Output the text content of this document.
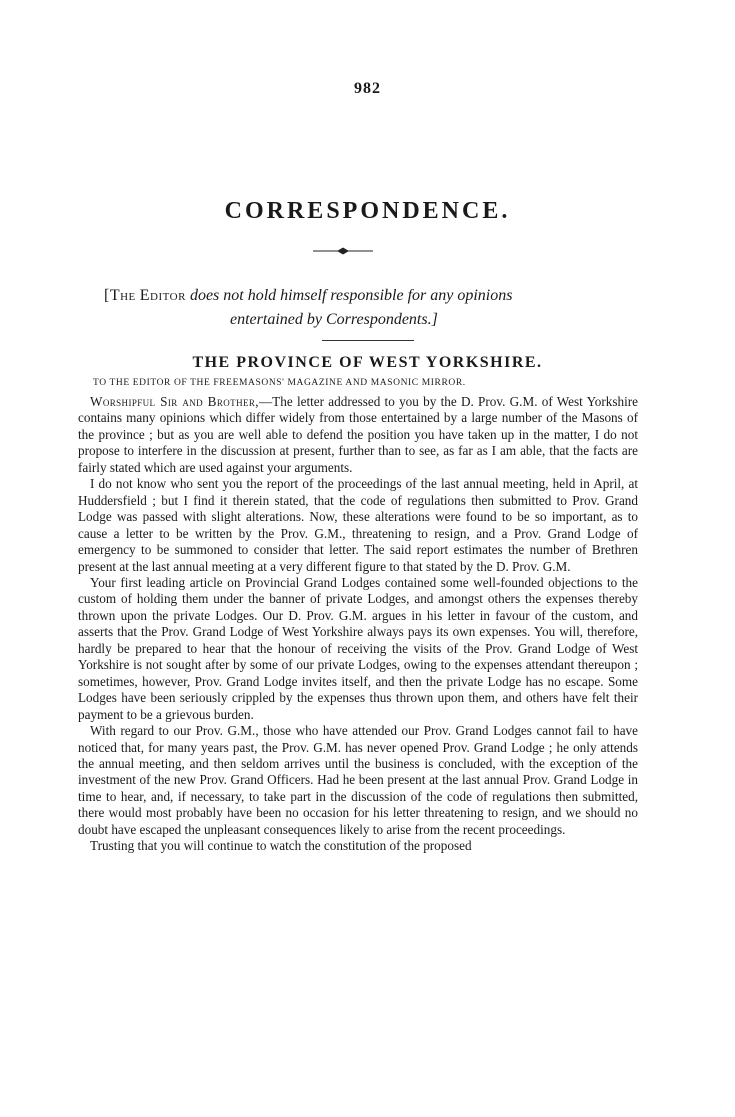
982
CORRESPONDENCE.
[The Editor does not hold himself responsible for any opinions
entertained by Correspondents.]
THE PROVINCE OF WEST YORKSHIRE.
TO THE EDITOR OF THE FREEMASONS' MAGAZINE AND MASONIC MIRROR.

Worshipful Sir and Brother,—The letter addressed to you by the D. Prov. G.M. of West Yorkshire contains many opinions which differ widely from those entertained by a large number of the Masons of the province ; but as you are well able to defend the position you have taken up in the matter, I do not propose to interfere in the discussion at present, further than to see, as far as I am able, that the facts are fairly stated which are used against your arguments.

I do not know who sent you the report of the proceedings of the last annual meeting, held in April, at Huddersfield ; but I find it therein stated, that the code of regulations then submitted to Prov. Grand Lodge was passed with slight alterations. Now, these alterations were found to be so important, as to cause a letter to be written by the Prov. G.M., threatening to resign, and a Prov. Grand Lodge of emergency to be summoned to consider that letter. The said report estimates the number of Brethren present at the last annual meeting at a very different figure to that stated by the D. Prov. G.M.

Your first leading article on Provincial Grand Lodges contained some well-founded objections to the custom of holding them under the banner of private Lodges, and amongst others the expenses thereby thrown upon the private Lodges. Our D. Prov. G.M. argues in his letter in favour of the custom, and asserts that the Prov. Grand Lodge of West Yorkshire always pays its own expenses. You will, therefore, hardly be prepared to hear that the honour of receiving the visits of the Prov. Grand Lodge of West Yorkshire is not sought after by some of our private Lodges, owing to the expenses attendant thereupon ; sometimes, however, Prov. Grand Lodge invites itself, and then the private Lodge has no escape. Some Lodges have been seriously crippled by the expenses thus thrown upon them, and others have felt their payment to be a grievous burden.

With regard to our Prov. G.M., those who have attended our Prov. Grand Lodges cannot fail to have noticed that, for many years past, the Prov. G.M. has never opened Prov. Grand Lodge ; he only attends the annual meeting, and then seldom arrives until the business is concluded, with the exception of the investment of the new Prov. Grand Officers. Had he been present at the last annual Prov. Grand Lodge in time to hear, and, if necessary, to take part in the discussion of the code of regulations then submitted, there would most probably have been no occasion for his letter threatening to resign, and we should no doubt have escaped the unpleasant consequences likely to arise from the recent proceedings.

Trusting that you will continue to watch the constitution of the proposed
